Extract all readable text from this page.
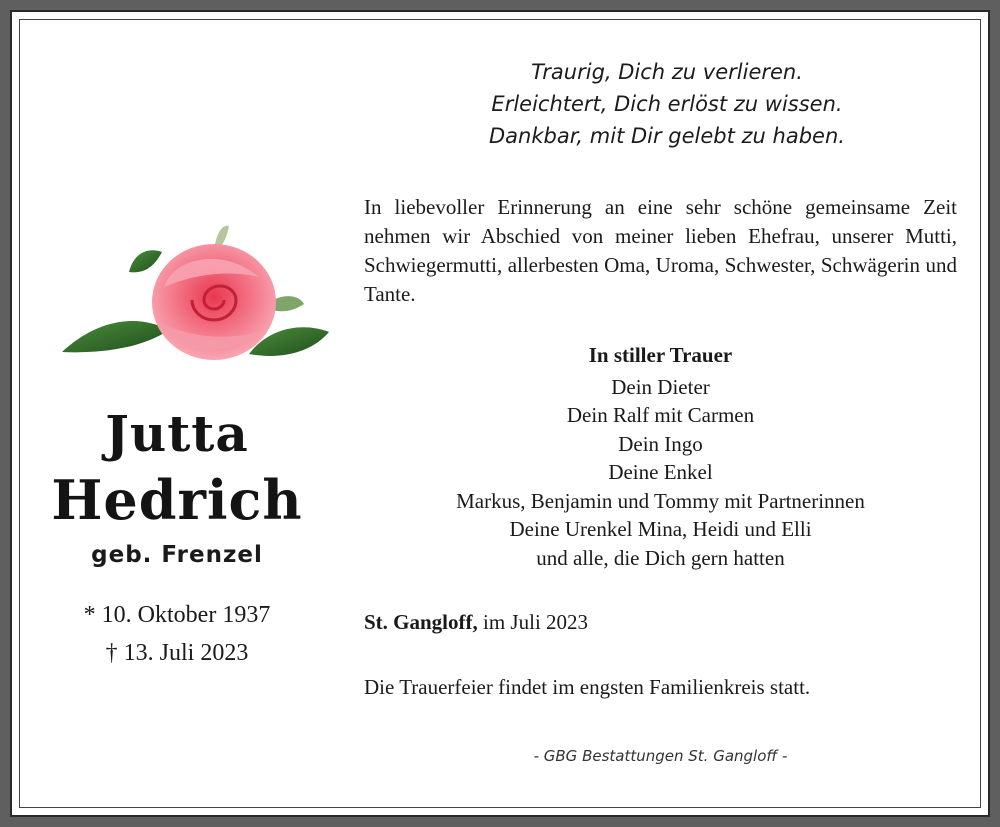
Traurig, Dich zu verlieren.
Erleichtert, Dich erlöst zu wissen.
Dankbar, mit Dir gelebt zu haben.

In liebevoller Erinnerung an eine sehr schöne gemeinsame Zeit nehmen wir Abschied von meiner lieben Ehefrau, unserer Mutti, Schwiegermutti, allerbesten Oma, Uroma, Schwester, Schwägerin und Tante.

In stiller Trauer
Dein Dieter
Dein Ralf mit Carmen
Dein Ingo
Deine Enkel
Markus, Benjamin und Tommy mit Partnerinnen
Deine Urenkel Mina, Heidi und Elli
und alle, die Dich gern hatten
St. Gangloff, im Juli 2023
Die Trauerfeier findet im engsten Familienkreis statt.
- GBG Bestattungen St. Gangloff -
Jutta
Hedrich
geb. Frenzel
* 10. Oktober 1937
† 13. Juli 2023
